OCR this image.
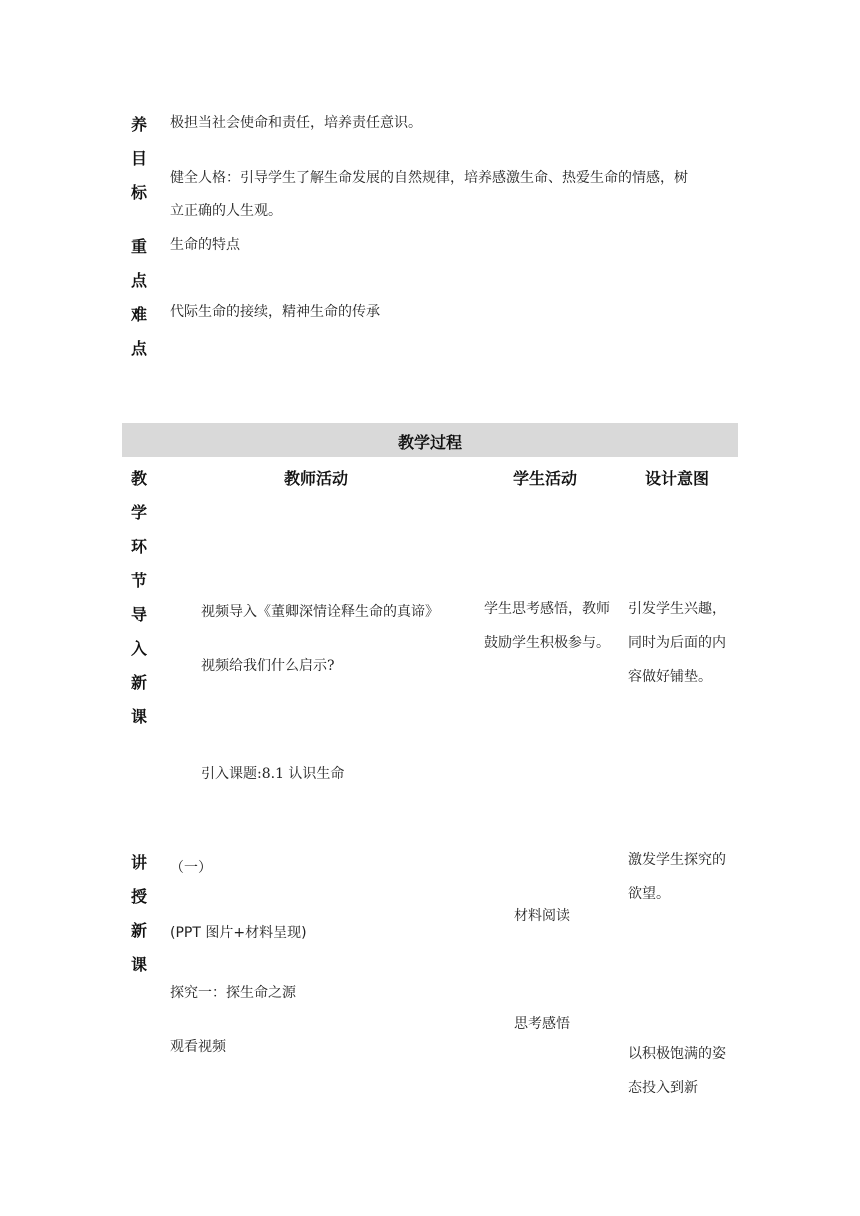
养
目
标
极担当社会使命和责任，培养责任意识。
健全人格：引导学生了解生命发展的自然规律，培养感激生命、热爱生命的情感，树
立正确的人生观。
重
点
难
点
生命的特点
代际生命的接续，精神生命的传承
教学过程
教
学
环
节
教师活动	学生活动	设计意图
导
入
新
课
视频导入《董卿深情诠释生命的真谛》
视频给我们什么启示?
引入课题:8.1 认识生命
学生思考感悟，教师鼓励学生积极参与。
引发学生兴趣，同时为后面的内容做好铺垫。
讲
授
新
课
（一）
(PPT 图片+材料呈现)
探究一：探生命之源
观看视频
材料阅读
思考感悟
激发学生探究的欲望。
以积极饱满的姿态投入到新
